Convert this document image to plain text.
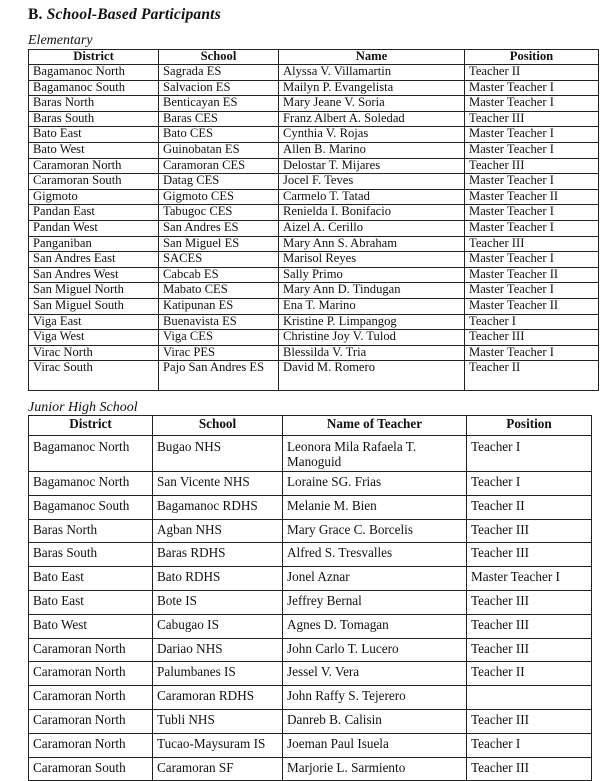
B. School-Based Participants
Elementary
District	School	Name	Position
Bagamanoc North	Sagrada ES	Alyssa V. Villamartin	Teacher II
Bagamanoc South	Salvacion ES	Mailyn P. Evangelista	Master Teacher I
Baras North	Benticayan ES	Mary Jeane V. Soria	Master Teacher I
Baras South	Baras CES	Franz Albert A. Soledad	Teacher III
Bato East	Bato CES	Cynthia V. Rojas	Master Teacher I
Bato West	Guinobatan ES	Allen B. Marino	Master Teacher I
Caramoran North	Caramoran CES	Delostar T. Mijares	Teacher III
Caramoran South	Datag CES	Jocel F. Teves	Master Teacher I
Gigmoto	Gigmoto CES	Carmelo T. Tatad	Master Teacher II
Pandan East	Tabugoc CES	Renielda I. Bonifacio	Master Teacher I
Pandan West	San Andres ES	Aizel A. Cerillo	Master Teacher I
Panganiban	San Miguel ES	Mary Ann S. Abraham	Teacher III
San Andres East	SACES	Marisol Reyes	Master Teacher I
San Andres West	Cabcab ES	Sally Primo	Master Teacher II
San Miguel North	Mabato CES	Mary Ann D. Tindugan	Master Teacher I
San Miguel South	Katipunan ES	Ena T. Marino	Master Teacher II
Viga East	Buenavista ES	Kristine P. Limpangog	Teacher I
Viga West	Viga CES	Christine Joy V. Tulod	Teacher III
Virac North	Virac PES	Blessilda V. Tria	Master Teacher I
Virac South	Pajo San Andres ES	David M. Romero	Teacher II
Junior High School
District	School	Name of Teacher	Position
Bagamanoc North	Bugao NHS	Leonora Mila Rafaela T. Manoguid	Teacher I
Bagamanoc North	San Vicente NHS	Loraine SG. Frias	Teacher I
Bagamanoc South	Bagamanoc RDHS	Melanie M. Bien	Teacher II
Baras North	Agban NHS	Mary Grace C. Borcelis	Teacher III
Baras South	Baras RDHS	Alfred S. Tresvalles	Teacher III
Bato East	Bato RDHS	Jonel Aznar	Master Teacher I
Bato East	Bote IS	Jeffrey Bernal	Teacher III
Bato West	Cabugao IS	Agnes D. Tomagan	Teacher III
Caramoran North	Dariao NHS	John Carlo T. Lucero	Teacher III
Caramoran North	Palumbanes IS	Jessel V. Vera	Teacher II
Caramoran North	Caramoran RDHS	John Raffy S. Tejerero	
Caramoran North	Tubli NHS	Danreb B. Calisin	Teacher III
Caramoran North	Tucao-Maysuram IS	Joeman Paul Isuela	Teacher I
Caramoran South	Caramoran SF	Marjorie L. Sarmiento	Teacher III
